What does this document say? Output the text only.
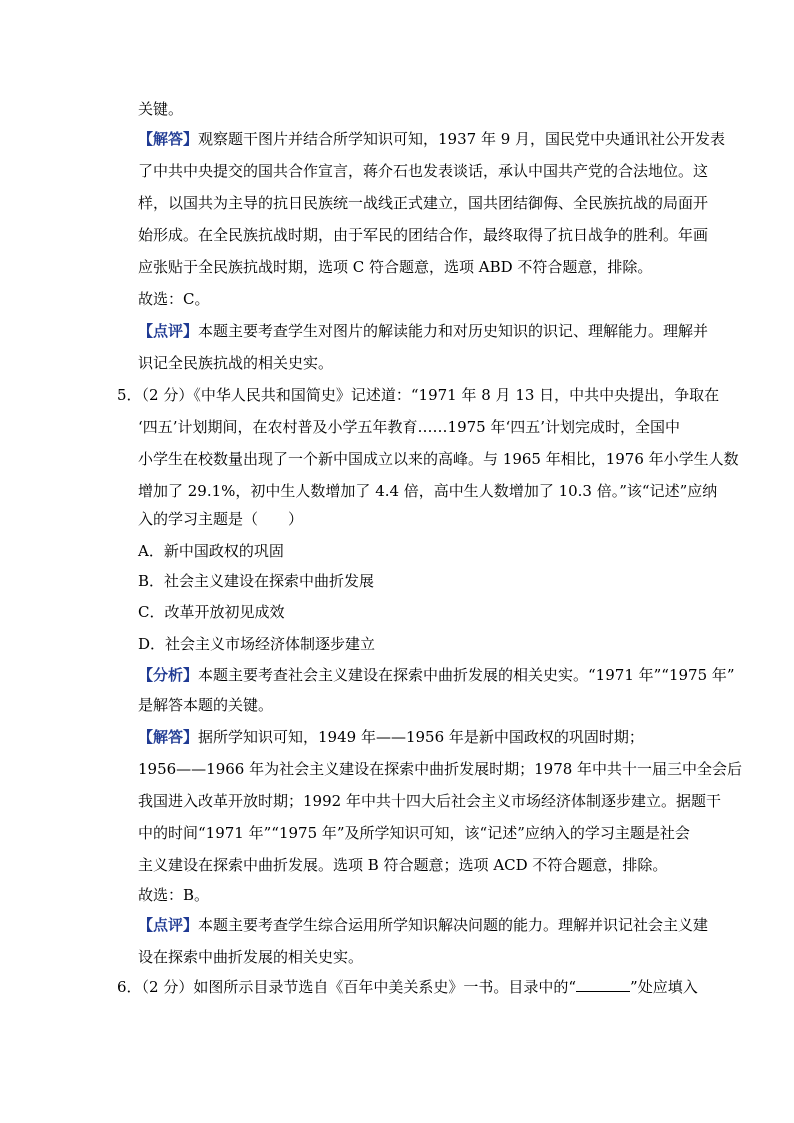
关键。
【解答】观察题干图片并结合所学知识可知，1937 年 9 月，国民党中央通讯社公开发表
了中共中央提交的国共合作宣言，蒋介石也发表谈话，承认中国共产党的合法地位。这
样，以国共为主导的抗日民族统一战线正式建立，国共团结御侮、全民族抗战的局面开
始形成。在全民族抗战时期，由于军民的团结合作，最终取得了抗日战争的胜利。年画
应张贴于全民族抗战时期，选项 C 符合题意，选项 ABD 不符合题意，排除。
故选：C。
【点评】本题主要考查学生对图片的解读能力和对历史知识的识记、理解能力。理解并
识记全民族抗战的相关史实。
5．（2 分）《中华人民共和国简史》记述道：“1971 年 8 月 13 日，中共中央提出，争取在
‘四五’计划期间，在农村普及小学五年教育……1975 年‘四五’计划完成时，全国中
小学生在校数量出现了一个新中国成立以来的高峰。与 1965 年相比，1976 年小学生人数
增加了 29.1%，初中生人数增加了 4.4 倍，高中生人数增加了 10.3 倍。”该“记述”应纳
入的学习主题是（　　）
A．新中国政权的巩固
B．社会主义建设在探索中曲折发展
C．改革开放初见成效
D．社会主义市场经济体制逐步建立
【分析】本题主要考查社会主义建设在探索中曲折发展的相关史实。“1971 年”“1975 年”
是解答本题的关键。
【解答】据所学知识可知，1949 年——1956 年是新中国政权的巩固时期；
1956——1966 年为社会主义建设在探索中曲折发展时期；1978 年中共十一届三中全会后
我国进入改革开放时期；1992 年中共十四大后社会主义市场经济体制逐步建立。据题干
中的时间“1971 年”“1975 年”及所学知识可知，该“记述”应纳入的学习主题是社会
主义建设在探索中曲折发展。选项 B 符合题意；选项 ACD 不符合题意，排除。
故选：B。
【点评】本题主要考查学生综合运用所学知识解决问题的能力。理解并识记社会主义建
设在探索中曲折发展的相关史实。
6．（2 分）如图所示目录节选自《百年中美关系史》一书。目录中的“	”处应填入
